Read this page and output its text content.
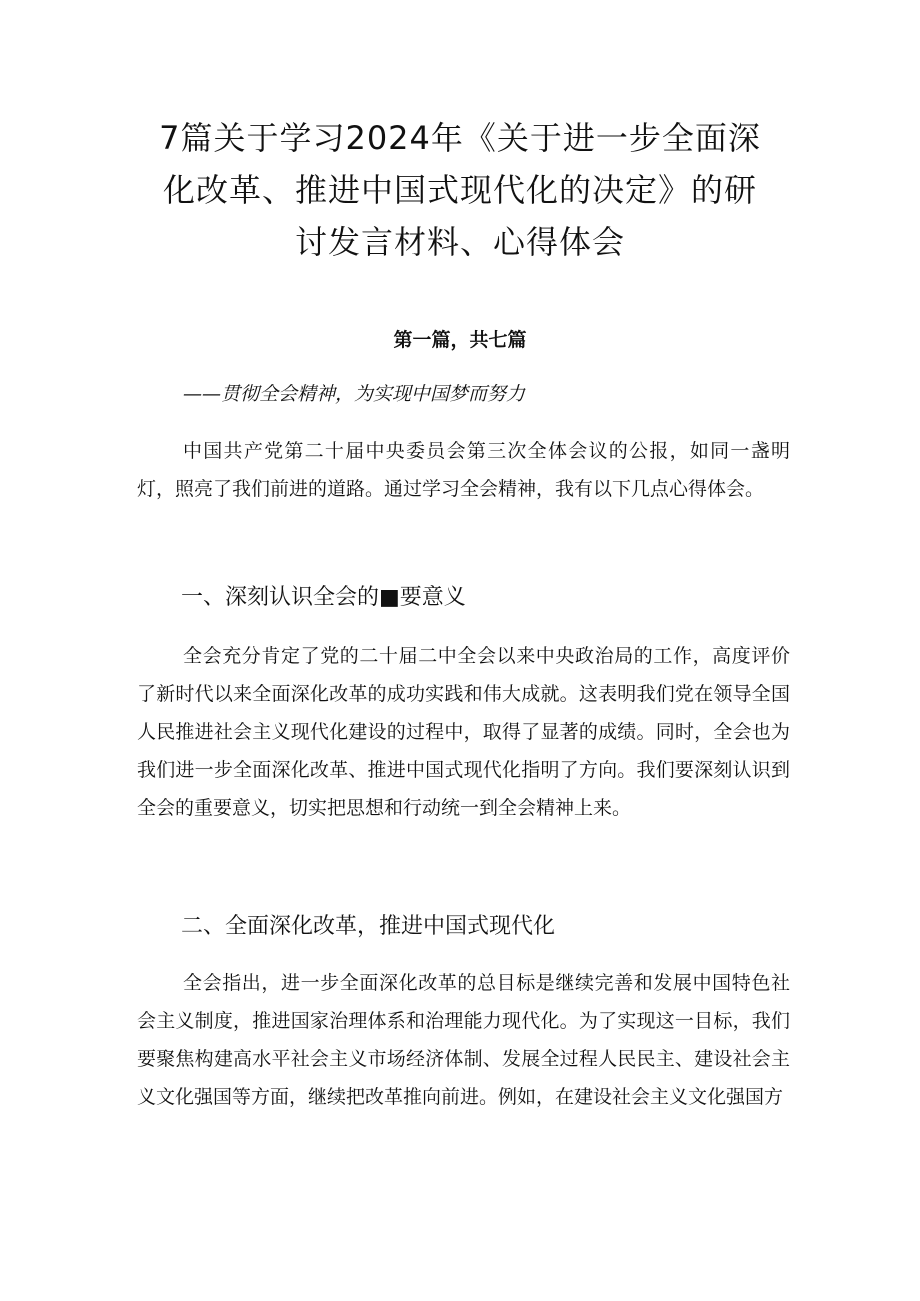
7篇关于学习2024年《关于进一步全面深化改革、推进中国式现代化的决定》的研讨发言材料、心得体会
第一篇，共七篇
——贯彻全会精神，为实现中国梦而努力

中国共产党第二十届中央委员会第三次全体会议的公报，如同一盏明灯，照亮了我们前进的道路。通过学习全会精神，我有以下几点心得体会。

一、深刻认识全会的■要意义

全会充分肯定了党的二十届二中全会以来中央政治局的工作，高度评价了新时代以来全面深化改革的成功实践和伟大成就。这表明我们党在领导全国人民推进社会主义现代化建设的过程中，取得了显著的成绩。同时，全会也为我们进一步全面深化改革、推进中国式现代化指明了方向。我们要深刻认识到全会的重要意义，切实把思想和行动统一到全会精神上来。

二、全面深化改革，推进中国式现代化

全会指出，进一步全面深化改革的总目标是继续完善和发展中国特色社会主义制度，推进国家治理体系和治理能力现代化。为了实现这一目标，我们要聚焦构建高水平社会主义市场经济体制、发展全过程人民民主、建设社会主义文化强国等方面，继续把改革推向前进。例如，在建设社会主义文化强国方
